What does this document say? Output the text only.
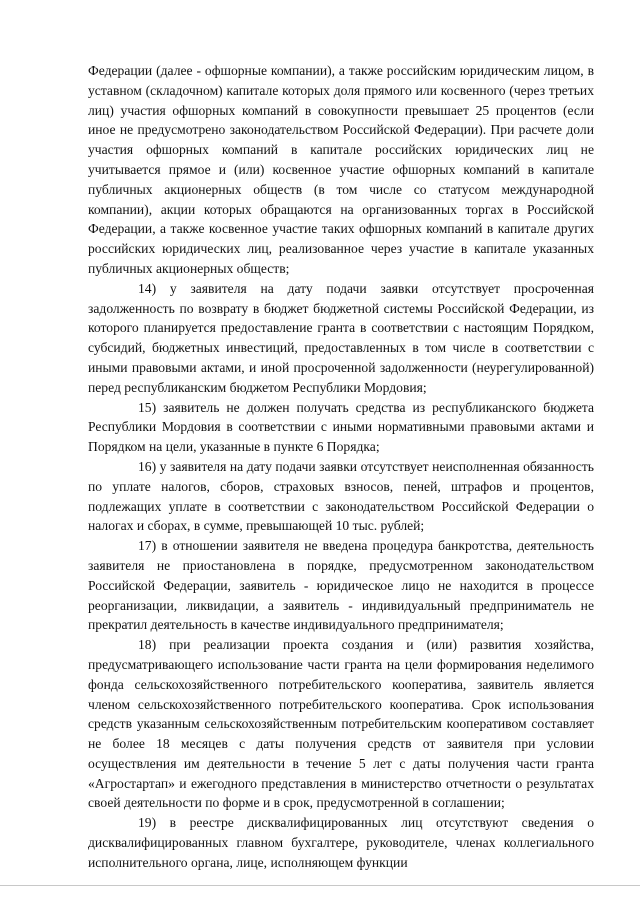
Федерации (далее - офшорные компании), а также российским юридическим лицом, в уставном (складочном) капитале которых доля прямого или косвенного (через третьих лиц) участия офшорных компаний в совокупности превышает 25 процентов (если иное не предусмотрено законодательством Российской Федерации). При расчете доли участия офшорных компаний в капитале российских юридических лиц не учитывается прямое и (или) косвенное участие офшорных компаний в капитале публичных акционерных обществ (в том числе со статусом международной компании), акции которых обращаются на организованных торгах в Российской Федерации, а также косвенное участие таких офшорных компаний в капитале других российских юридических лиц, реализованное через участие в капитале указанных публичных акционерных обществ;

14) у заявителя на дату подачи заявки отсутствует просроченная задолженность по возврату в бюджет бюджетной системы Российской Федерации, из которого планируется предоставление гранта в соответствии с настоящим Порядком, субсидий, бюджетных инвестиций, предоставленных в том числе в соответствии с иными правовыми актами, и иной просроченной задолженности (неурегулированной) перед республиканским бюджетом Республики Мордовия;

15) заявитель не должен получать средства из республиканского бюджета Республики Мордовия в соответствии с иными нормативными правовыми актами и Порядком на цели, указанные в пункте 6 Порядка;

16) у заявителя на дату подачи заявки отсутствует неисполненная обязанность по уплате налогов, сборов, страховых взносов, пеней, штрафов и процентов, подлежащих уплате в соответствии с законодательством Российской Федерации о налогах и сборах, в сумме, превышающей 10 тыс. рублей;

17) в отношении заявителя не введена процедура банкротства, деятельность заявителя не приостановлена в порядке, предусмотренном законодательством Российской Федерации, заявитель - юридическое лицо не находится в процессе реорганизации, ликвидации, а заявитель - индивидуальный предприниматель не прекратил деятельность в качестве индивидуального предпринимателя;

18) при реализации проекта создания и (или) развития хозяйства, предусматривающего использование части гранта на цели формирования неделимого фонда сельскохозяйственного потребительского кооператива, заявитель является членом сельскохозяйственного потребительского кооператива. Срок использования средств указанным сельскохозяйственным потребительским кооперативом составляет не более 18 месяцев с даты получения средств от заявителя при условии осуществления им деятельности в течение 5 лет с даты получения части гранта «Агростартап» и ежегодного представления в министерство отчетности о результатах своей деятельности по форме и в срок, предусмотренной в соглашении;

19) в реестре дисквалифицированных лиц отсутствуют сведения о дисквалифицированных главном бухгалтере, руководителе, членах коллегиального исполнительного органа, лице, исполняющем функции
